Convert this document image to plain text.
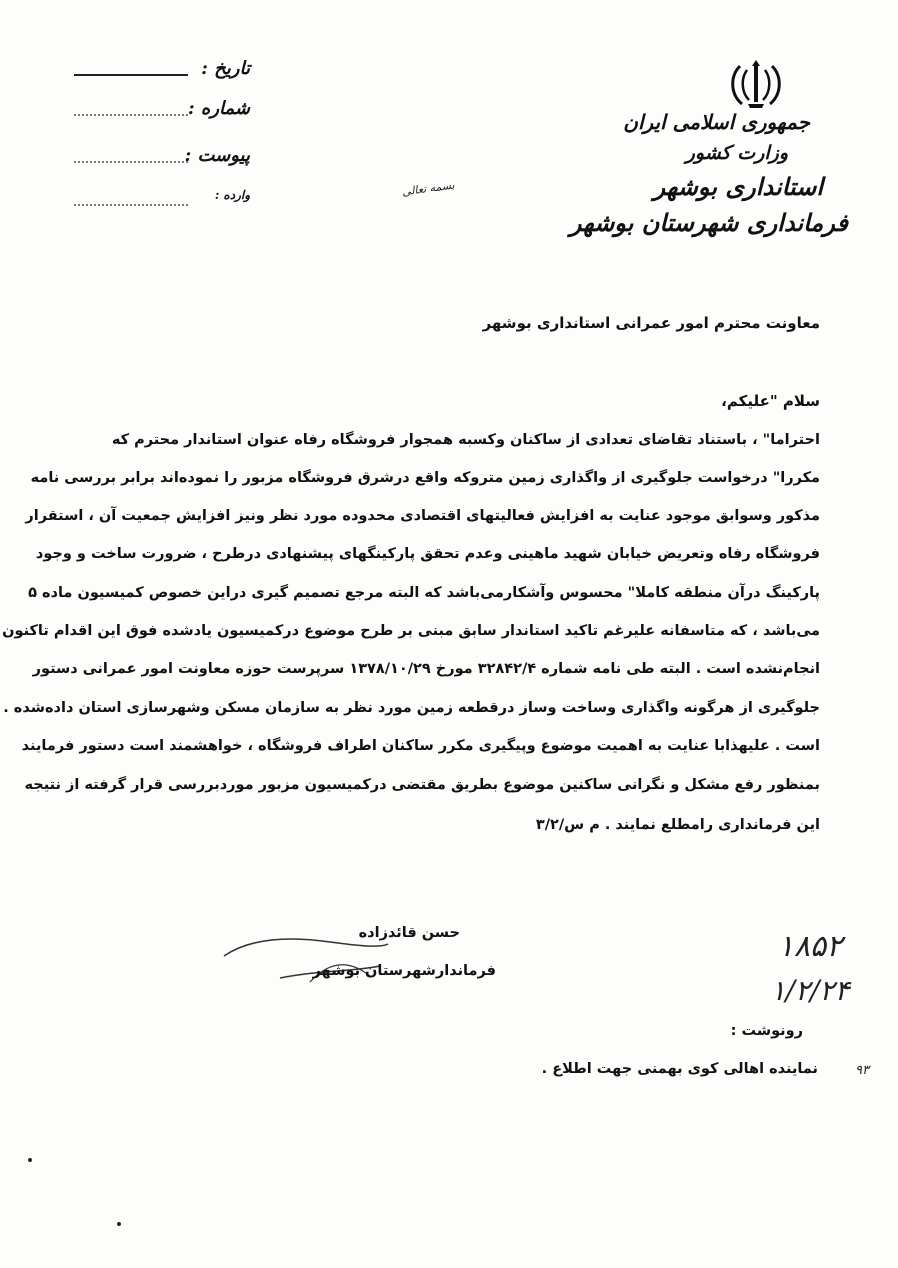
جمهوری اسلامی ایران
وزارت کشور
استانداری بوشهر
فرمانداری شهرستان بوشهر
تاریخ :
شماره :
پیوست :
وارده :	بسمه تعالی
معاونت محترم امور عمرانی استانداری بوشهر
سلام "علیکم،
احتراما" ، باستناد تقاضای تعدادی از ساکنان وکسبه همجوار فروشگاه رفاه عنوان استاندار محترم که
مکررا" درخواست جلوگیری از واگذاری زمین متروکه واقع درشرق فروشگاه مزبور را نموده‌اند برابر بررسی نامه
مذکور وسوابق موجود عنایت به افزایش فعالیتهای اقتصادی محدوده مورد نظر ونیز افزایش جمعیت آن ، استقرار
فروشگاه رفاه وتعریض خیابان شهید ماهینی وعدم تحقق پارکینگهای پیشنهادی درطرح ، ضرورت ساخت و وجود
پارکینگ درآن منطقه کاملا" محسوس وآشکارمی‌باشد که البته مرجع تصمیم گیری دراین خصوص کمیسیون ماده ۵
می‌باشد ، که متاسفانه علیرغم تاکید استاندار سابق مبنی بر طرح موضوع درکمیسیون یادشده فوق این اقدام تاکنون
انجام‌نشده است . البته طی نامه شماره ۳۲۸۴۲/۴ مورخ ۱۳۷۸/۱۰/۲۹ سرپرست حوزه معاونت امور عمرانی دستور
جلوگیری از هرگونه واگذاری وساخت وساز درقطعه زمین مورد نظر به سازمان مسکن وشهرسازی استان داده‌شده .
است . علیهذابا عنایت به اهمیت موضوع وپیگیری مکرر ساکنان اطراف فروشگاه ، خواهشمند است دستور فرمایند
بمنظور رفع مشکل و نگرانی ساکنین موضوع بطریق مقتضی درکمیسیون مزبور موردبررسی قرار گرفته از نتیجه
این فرمانداری رامطلع نمایند . م س/۳/۲
حسن قائدزاده
فرماندارشهرستان بوشهر
۱۸۵۲
۱/۲/۲۴
رونوشت :
نماینده اهالی کوی بهمنی جهت اطلاع .	۹۳
